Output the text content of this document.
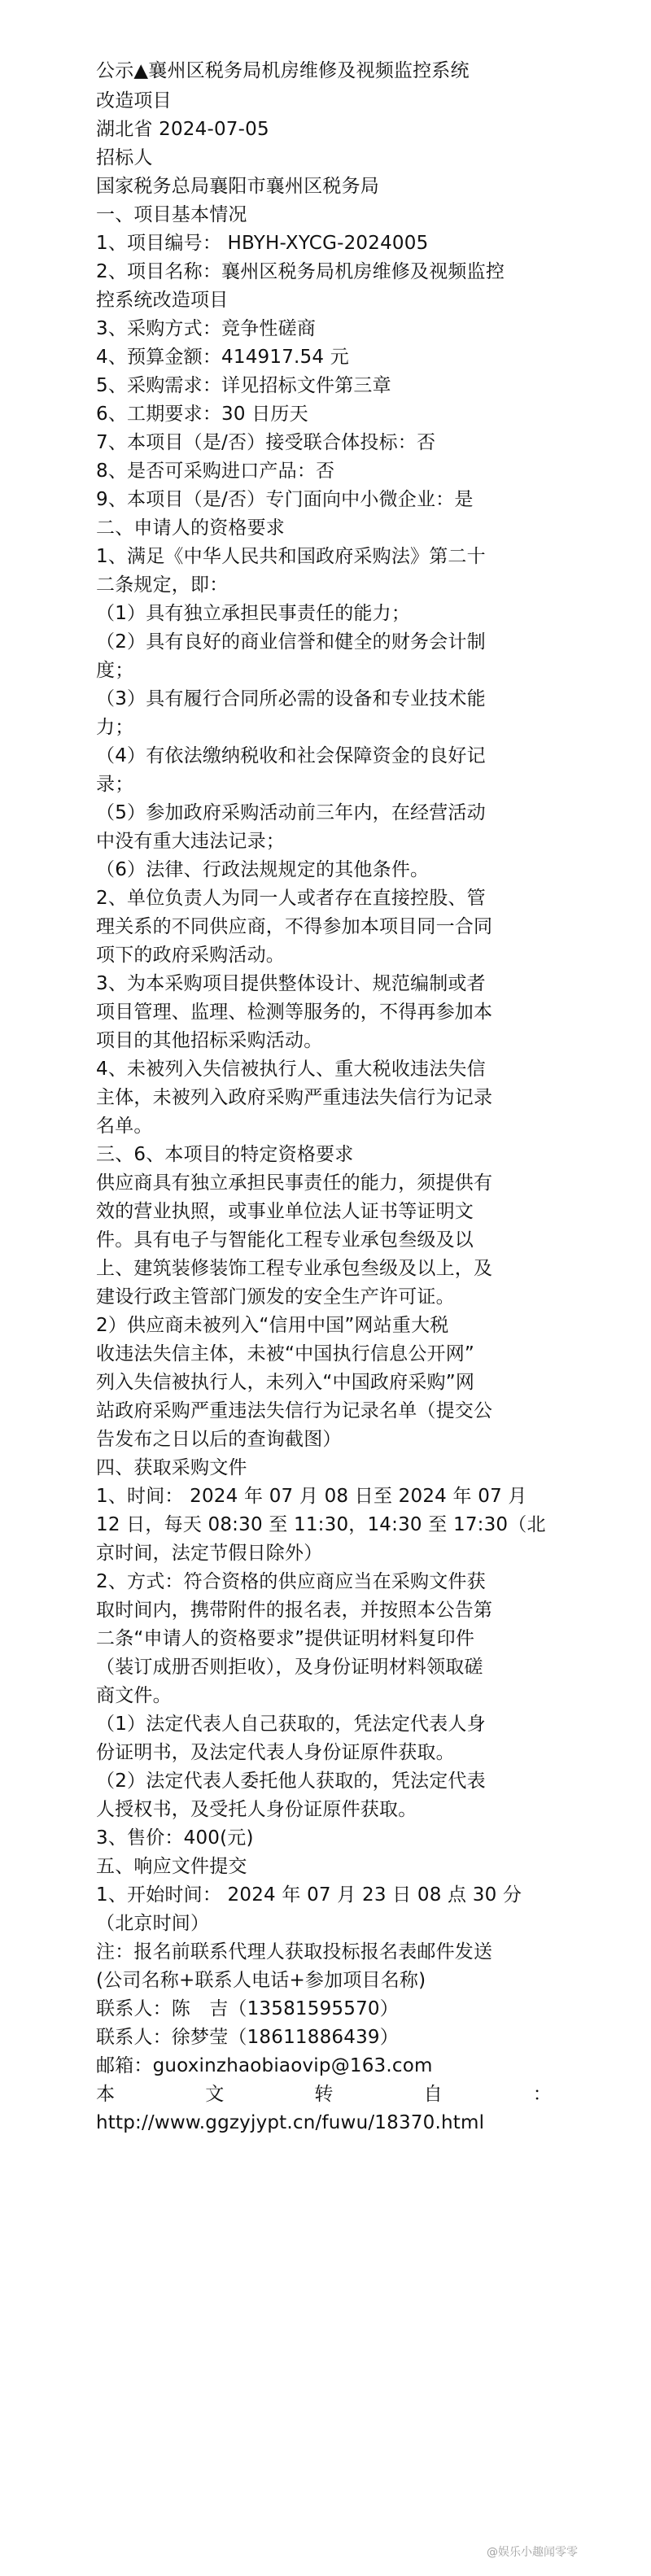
公示▲襄州区税务局机房维修及视频监控系统
改造项目
湖北省 2024-07-05
招标人
国家税务总局襄阳市襄州区税务局
一、项目基本情况
1、项目编号： HBYH-XYCG-2024005
2、项目名称：襄州区税务局机房维修及视频监控
控系统改造项目
3、采购方式：竞争性磋商
4、预算金额：414917.54 元
5、采购需求：详见招标文件第三章
6、工期要求：30 日历天
7、本项目（是/否）接受联合体投标：否
8、是否可采购进口产品：否
9、本项目（是/否）专门面向中小微企业：是
二、申请人的资格要求
1、满足《中华人民共和国政府采购法》第二十
二条规定，即：
（1）具有独立承担民事责任的能力；
（2）具有良好的商业信誉和健全的财务会计制
度；
（3）具有履行合同所必需的设备和专业技术能
力；
（4）有依法缴纳税收和社会保障资金的良好记
录；
（5）参加政府采购活动前三年内，在经营活动
中没有重大违法记录；
（6）法律、行政法规规定的其他条件。
2、单位负责人为同一人或者存在直接控股、管
理关系的不同供应商，不得参加本项目同一合同
项下的政府采购活动。
3、为本采购项目提供整体设计、规范编制或者
项目管理、监理、检测等服务的，不得再参加本
项目的其他招标采购活动。
4、未被列入失信被执行人、重大税收违法失信
主体，未被列入政府采购严重违法失信行为记录
名单。
三、6、本项目的特定资格要求
供应商具有独立承担民事责任的能力，须提供有
效的营业执照，或事业单位法人证书等证明文
件。具有电子与智能化工程专业承包叁级及以
上、建筑装修装饰工程专业承包叁级及以上，及
建设行政主管部门颁发的安全生产许可证。
2）供应商未被列入“信用中国”网站重大税
收违法失信主体，未被“中国执行信息公开网”
列入失信被执行人，未列入“中国政府采购”网
站政府采购严重违法失信行为记录名单（提交公
告发布之日以后的查询截图）
四、获取采购文件
1、时间： 2024 年 07 月 08 日至 2024 年 07 月
12 日，每天 08:30 至 11:30，14:30 至 17:30（北
京时间，法定节假日除外）
2、方式：符合资格的供应商应当在采购文件获
取时间内，携带附件的报名表，并按照本公告第
二条“申请人的资格要求”提供证明材料复印件
（装订成册否则拒收），及身份证明材料领取磋
商文件。
（1）法定代表人自己获取的，凭法定代表人身
份证明书，及法定代表人身份证原件获取。
（2）法定代表人委托他人获取的，凭法定代表
人授权书，及受托人身份证原件获取。
3、售价：400(元)
五、响应文件提交
1、开始时间： 2024 年 07 月 23 日 08 点 30 分
（北京时间）
注：报名前联系代理人获取投标报名表邮件发送
(公司名称+联系人电话+参加项目名称)
联系人：陈　吉（13581595570）
联系人：徐梦莹（18611886439）
邮箱：guoxinzhaobiaovip@163.com
本	文	转	自	：
http://www.ggzyjypt.cn/fuwu/18370.html
@娱乐小趣闻零零
